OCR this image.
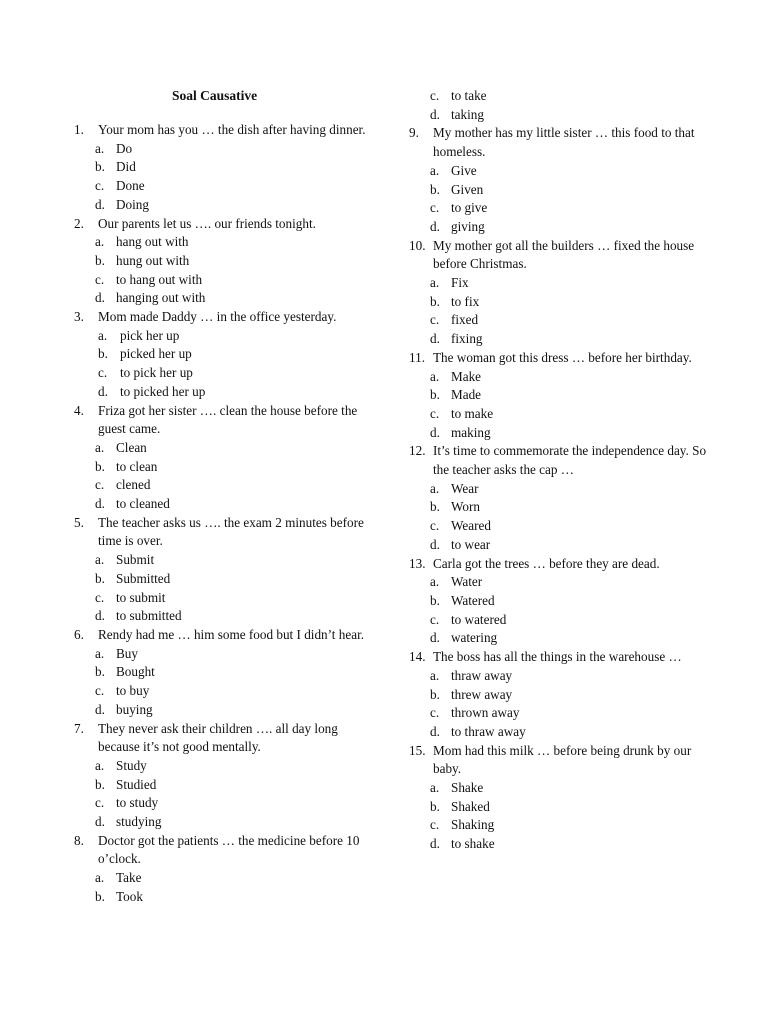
Soal Causative
1. Your mom has you … the dish after having dinner.
a. Do
b. Did
c. Done
d. Doing
2. Our parents let us …. our friends tonight.
a. hang out with
b. hung out with
c. to hang out with
d. hanging out with
3. Mom made Daddy … in the office yesterday.
a. pick her up
b. picked her up
c. to pick her up
d. to picked her up
4. Friza got her sister …. clean the house before the guest came.
a. Clean
b. to clean
c. clened
d. to cleaned
5. The teacher asks us …. the exam 2 minutes before time is over.
a. Submit
b. Submitted
c. to submit
d. to submitted
6. Rendy had me … him some food but I didn’t hear.
a. Buy
b. Bought
c. to buy
d. buying
7. They never ask their children …. all day long because it’s not good mentally.
a. Study
b. Studied
c. to study
d. studying
8. Doctor got the patients … the medicine before 10 o’clock.
a. Take
b. Took
c. to take
d. taking
9. My mother has my little sister … this food to that homeless.
a. Give
b. Given
c. to give
d. giving
10. My mother got all the builders … fixed the house before Christmas.
a. Fix
b. to fix
c. fixed
d. fixing
11. The woman got this dress … before her birthday.
a. Make
b. Made
c. to make
d. making
12. It’s time to commemorate the independence day. So the teacher asks the cap …
a. Wear
b. Worn
c. Weared
d. to wear
13. Carla got the trees … before they are dead.
a. Water
b. Watered
c. to watered
d. watering
14. The boss has all the things in the warehouse …
a. thraw away
b. threw away
c. thrown away
d. to thraw away
15. Mom had this milk … before being drunk by our baby.
a. Shake
b. Shaked
c. Shaking
d. to shake
